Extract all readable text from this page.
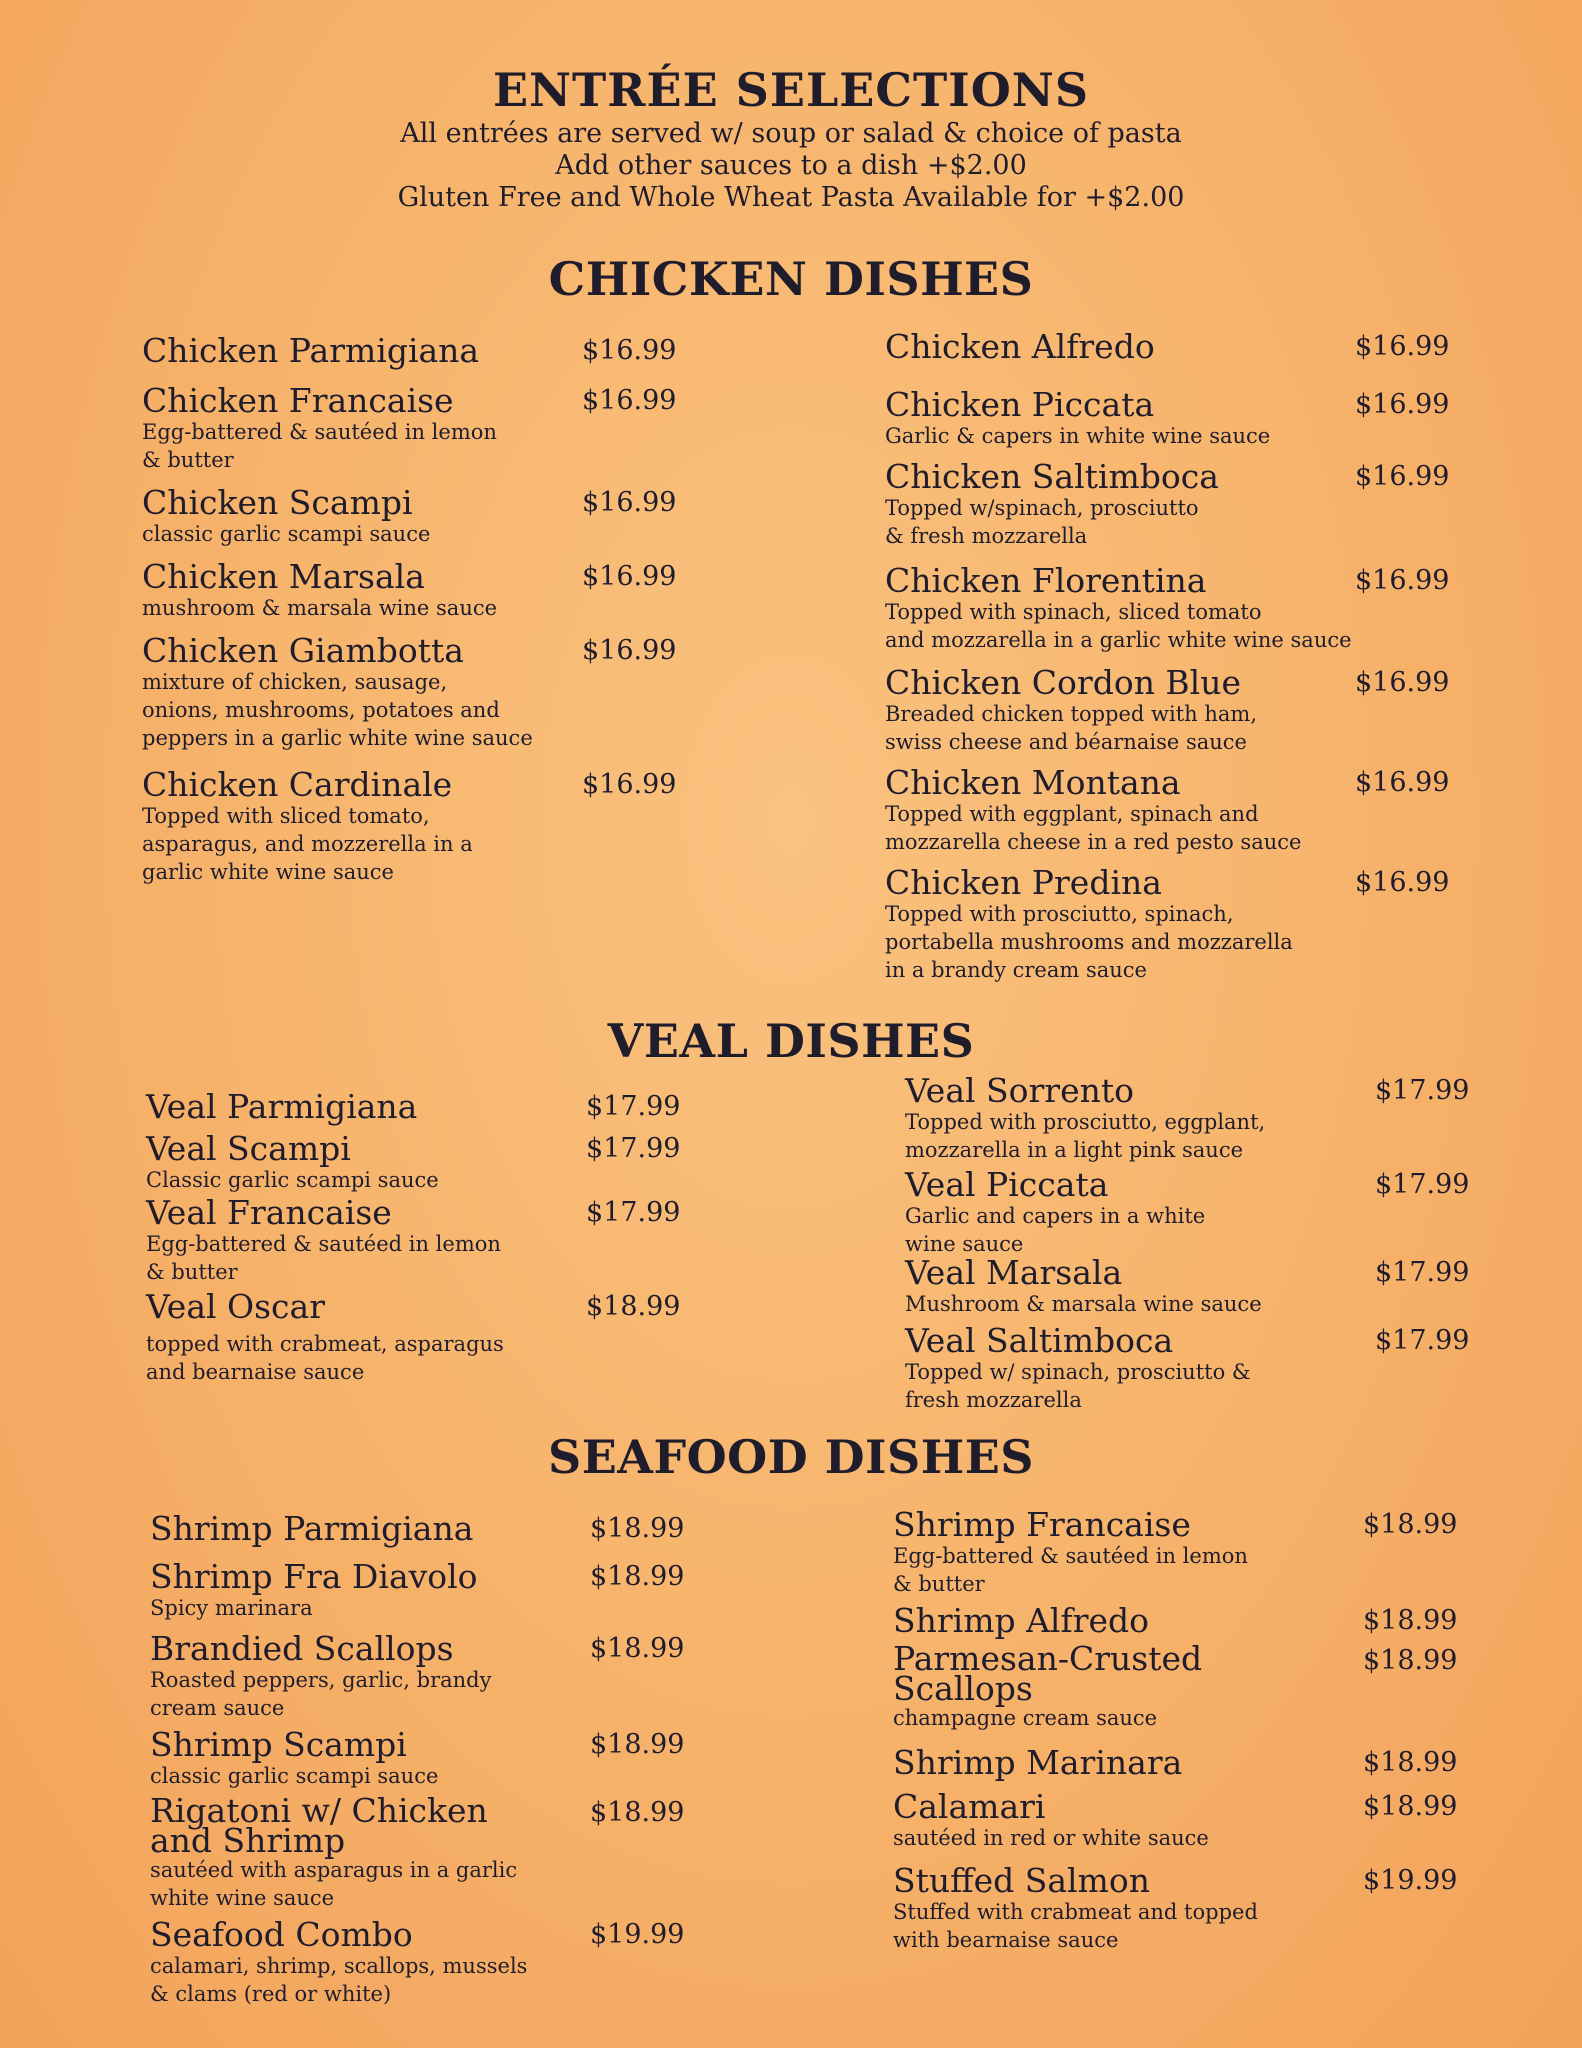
ENTRÉE SELECTIONS

All entrées are served w/ soup or salad & choice of pasta

Add other sauces to a dish +$2.00

Gluten Free and Whole Wheat Pasta Available for +$2.00

CHICKEN DISHES
Chicken Parmigiana	$16.99
Chicken Francaise
Egg-battered & sautéed in lemon
& butter
$16.99
Chicken Scampi
classic garlic scampi sauce
$16.99
Chicken Marsala
mushroom & marsala wine sauce
$16.99
Chicken Giambotta
mixture of chicken, sausage,
onions, mushrooms, potatoes and
peppers in a garlic white wine sauce
$16.99
Chicken Cardinale
Topped with sliced tomato,
asparagus, and mozzerella in a
garlic white wine sauce
$16.99
Chicken Alfredo	$16.99
Chicken Piccata
Garlic & capers in white wine sauce
$16.99
Chicken Saltimboca
Topped w/spinach, prosciutto
& fresh mozzarella
$16.99
Chicken Florentina
Topped with spinach, sliced tomato
and mozzarella in a garlic white wine sauce
$16.99
Chicken Cordon Blue
Breaded chicken topped with ham,
swiss cheese and béarnaise sauce
$16.99
Chicken Montana
Topped with eggplant, spinach and
mozzarella cheese in a red pesto sauce
$16.99
Chicken Predina
Topped with prosciutto, spinach,
portabella mushrooms and mozzarella
in a brandy cream sauce
$16.99
VEAL DISHES
Veal Parmigiana	$17.99
Veal Scampi
Classic garlic scampi sauce
$17.99
Veal Francaise
Egg-battered & sautéed in lemon
& butter
$17.99
Veal Oscar
topped with crabmeat, asparagus
and bearnaise sauce
$18.99
Veal Sorrento
Topped with prosciutto, eggplant,
mozzarella in a light pink sauce
$17.99
Veal Piccata
Garlic and capers in a white
wine sauce
$17.99
Veal Marsala
Mushroom & marsala wine sauce
$17.99
Veal Saltimboca
Topped w/ spinach, prosciutto &
fresh mozzarella
$17.99
SEAFOOD DISHES
Shrimp Parmigiana	$18.99
Shrimp Fra Diavolo
Spicy marinara
$18.99
Brandied Scallops
Roasted peppers, garlic, brandy
cream sauce
$18.99
Shrimp Scampi
classic garlic scampi sauce
$18.99
Rigatoni w/ Chicken
and Shrimp
sautéed with asparagus in a garlic
white wine sauce
$18.99
Seafood Combo
calamari, shrimp, scallops, mussels
& clams (red or white)
$19.99
Shrimp Francaise
Egg-battered & sautéed in lemon
& butter
$18.99
Shrimp Alfredo	$18.99
Parmesan-Crusted
Scallops
champagne cream sauce
$18.99
Shrimp Marinara	$18.99
Calamari
sautéed in red or white sauce
$18.99
Stuffed Salmon
Stuffed with crabmeat and topped
with bearnaise sauce
$19.99
